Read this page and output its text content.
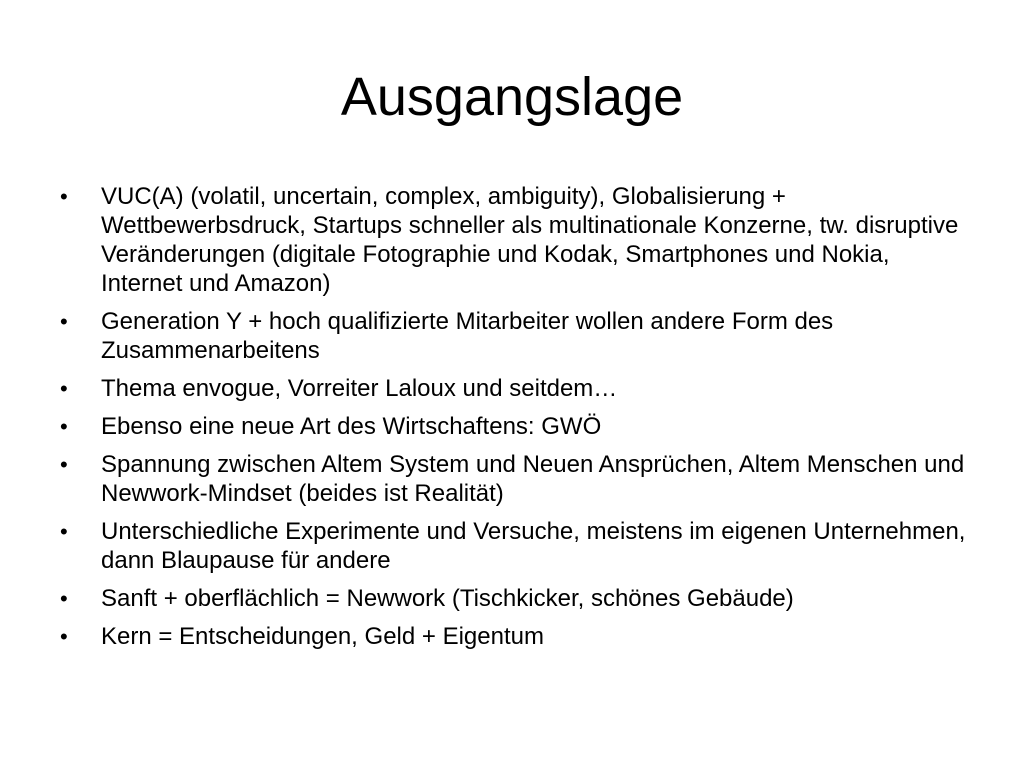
Ausgangslage
• VUC(A) (volatil, uncertain, complex, ambiguity), Globalisierung + Wettbewerbsdruck, Startups schneller als multinationale Konzerne, tw. disruptive Veränderungen (digitale Fotographie und Kodak, Smartphones und Nokia, Internet und Amazon)
• Generation Y + hoch qualifizierte Mitarbeiter wollen andere Form des Zusammenarbeitens
• Thema envogue, Vorreiter Laloux und seitdem…
• Ebenso eine neue Art des Wirtschaftens: GWÖ
• Spannung zwischen Altem System und Neuen Ansprüchen, Altem Menschen und Newwork-Mindset (beides ist Realität)
• Unterschiedliche Experimente und Versuche, meistens im eigenen Unternehmen, dann Blaupause für andere
• Sanft + oberflächlich = Newwork (Tischkicker, schönes Gebäude)
• Kern = Entscheidungen, Geld + Eigentum
